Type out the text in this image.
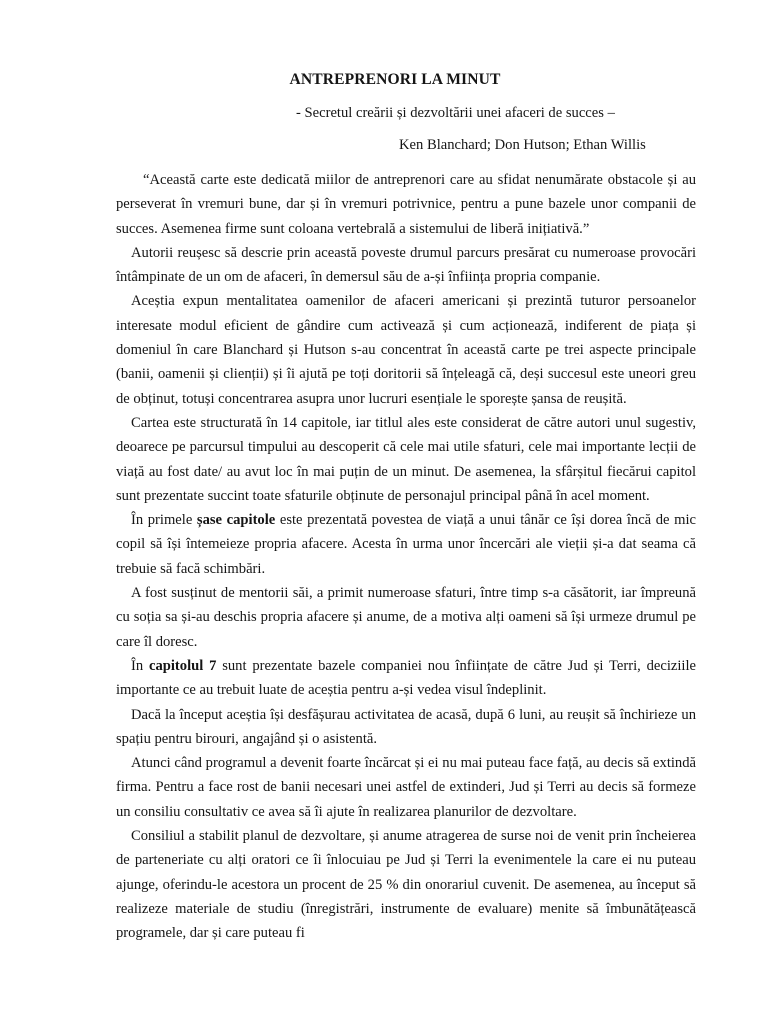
ANTREPRENORI LA MINUT
- Secretul creării și dezvoltării unei afaceri de succes –
Ken Blanchard; Don Hutson; Ethan Willis

“Această carte este dedicată miilor de antreprenori care au sfidat nenumărate obstacole și au perseverat în vremuri bune, dar și în vremuri potrivnice, pentru a pune bazele unor companii de succes. Asemenea firme sunt coloana vertebrală a sistemului de liberă inițiativă.”

Autorii reușesc să descrie prin această poveste drumul parcurs presărat cu numeroase provocări întâmpinate de un om de afaceri, în demersul său de a-și înființa propria companie.

Aceștia expun mentalitatea oamenilor de afaceri americani și prezintă tuturor persoanelor interesate modul eficient de gândire cum activează și cum acționează, indiferent de piața și domeniul în care Blanchard și Hutson s-au concentrat în această carte pe trei aspecte principale (banii, oamenii și clienții) și îi ajută pe toți doritorii să înțeleagă că, deși succesul este uneori greu de obținut, totuși concentrarea asupra unor lucruri esențiale le sporește șansa de reușită.

Cartea este structurată în 14 capitole, iar titlul ales este considerat de către autori unul sugestiv, deoarece pe parcursul timpului au descoperit că cele mai utile sfaturi, cele mai importante lecții de viață au fost date/ au avut loc în mai puțin de un minut. De asemenea, la sfârșitul fiecărui capitol sunt prezentate succint toate sfaturile obținute de personajul principal până în acel moment.

În primele șase capitole este prezentată povestea de viață a unui tânăr ce își dorea încă de mic copil să își întemeieze propria afacere. Acesta în urma unor încercări ale vieții și-a dat seama că trebuie să facă schimbări.

A fost susținut de mentorii săi, a primit numeroase sfaturi, între timp s-a căsătorit, iar împreună cu soția sa și-au deschis propria afacere și anume, de a motiva alți oameni să își urmeze drumul pe care îl doresc.

În capitolul 7 sunt prezentate bazele companiei nou înființate de către Jud și Terri, deciziile importante ce au trebuit luate de aceștia pentru a-și vedea visul îndeplinit.

Dacă la început aceștia își desfășurau activitatea de acasă, după 6 luni, au reușit să închirieze un spațiu pentru birouri, angajând și o asistentă.

Atunci când programul a devenit foarte încărcat și ei nu mai puteau face față, au decis să extindă firma. Pentru a face rost de banii necesari unei astfel de extinderi, Jud și Terri au decis să formeze un consiliu consultativ ce avea să îi ajute în realizarea planurilor de dezvoltare.

Consiliul a stabilit planul de dezvoltare, și anume atragerea de surse noi de venit prin încheierea de parteneriate cu alți oratori ce îi înlocuiau pe Jud și Terri la evenimentele la care ei nu puteau ajunge, oferindu-le acestora un procent de 25 % din onorariul cuvenit. De asemenea, au început să realizeze materiale de studiu (înregistrări, instrumente de evaluare) menite să îmbunătățească programele, dar și care puteau fi
